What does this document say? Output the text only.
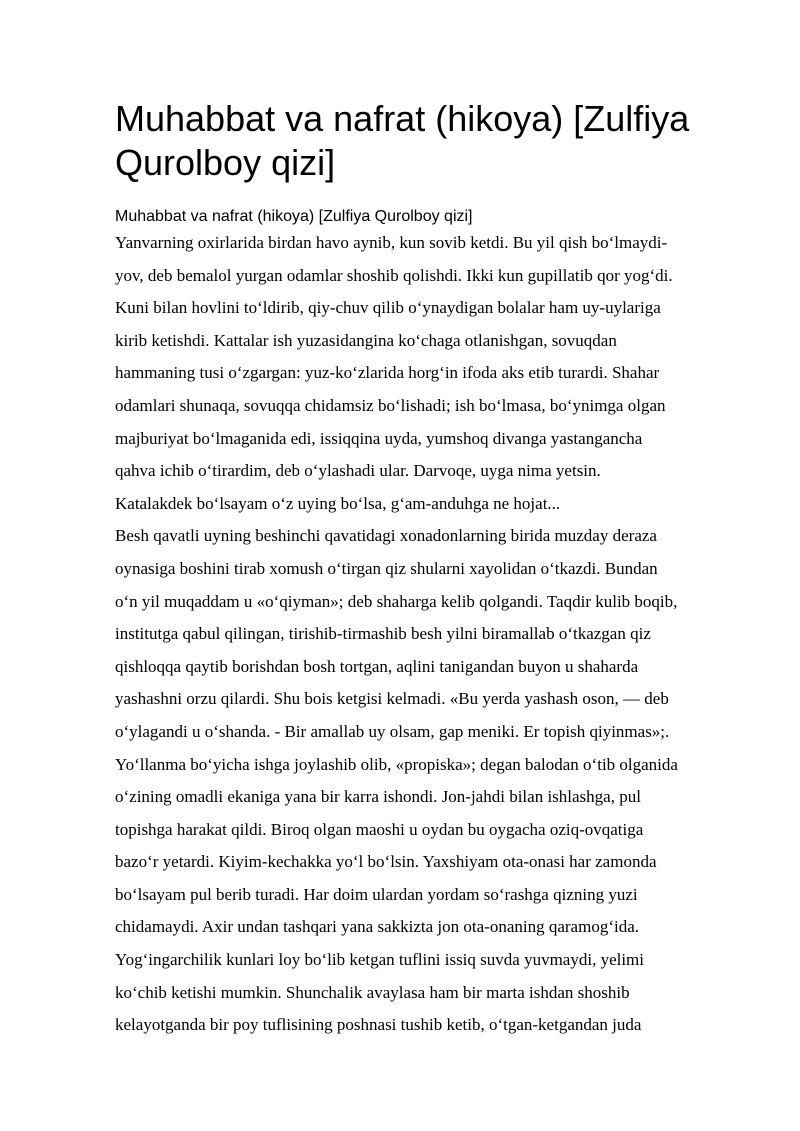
Muhabbat va nafrat (hikoya) [Zulfiya Qurolboy qizi]
Muhabbat va nafrat (hikoya) [Zulfiya Qurolboy qizi]
Yanvarning oxirlarida birdan havo aynib, kun sovib ketdi. Bu yil qish bo‘lmaydi-
yov, deb bemalol yurgan odamlar shoshib qolishdi. Ikki kun gupillatib qor yog‘di.
Kuni bilan hovlini to‘ldirib, qiy-chuv qilib o‘ynaydigan bolalar ham uy-uylariga
kirib ketishdi. Kattalar ish yuzasidangina ko‘chaga otlanishgan, sovuqdan
hammaning tusi o‘zgargan: yuz-ko‘zlarida horg‘in ifoda aks etib turardi. Shahar
odamlari shunaqa, sovuqqa chidamsiz bo‘lishadi; ish bo‘lmasa, bo‘ynimga olgan
majburiyat bo‘lmaganida edi, issiqqina uyda, yumshoq divanga yastangancha
qahva ichib o‘tirardim, deb o‘ylashadi ular. Darvoqe, uyga nima yetsin.
Katalakdek bo‘lsayam o‘z uying bo‘lsa, g‘am-anduhga ne hojat...
Besh qavatli uyning beshinchi qavatidagi xonadonlarning birida muzday deraza
oynasiga boshini tirab xomush o‘tirgan qiz shularni xayolidan o‘tkazdi. Bundan
o‘n yil muqaddam u «o‘qiyman»; deb shaharga kelib qolgandi. Taqdir kulib boqib,
institutga qabul qilingan, tirishib-tirmashib besh yilni biramallab o‘tkazgan qiz
qishloqqa qaytib borishdan bosh tortgan, aqlini tanigandan buyon u shaharda
yashashni orzu qilardi. Shu bois ketgisi kelmadi. «Bu yerda yashash oson, — deb
o‘ylagandi u o‘shanda. - Bir amallab uy olsam, gap meniki. Er topish qiyinmas»;.
Yo‘llanma bo‘yicha ishga joylashib olib, «propiska»; degan balodan o‘tib olganida
o‘zining omadli ekaniga yana bir karra ishondi. Jon-jahdi bilan ishlashga, pul
topishga harakat qildi. Biroq olgan maoshi u oydan bu oygacha oziq-ovqatiga
bazo‘r yetardi. Kiyim-kechakka yo‘l bo‘lsin. Yaxshiyam ota-onasi har zamonda
bo‘lsayam pul berib turadi. Har doim ulardan yordam so‘rashga qizning yuzi
chidamaydi. Axir undan tashqari yana sakkizta jon ota-onaning qaramog‘ida.
Yog‘ingarchilik kunlari loy bo‘lib ketgan tuflini issiq suvda yuvmaydi, yelimi
ko‘chib ketishi mumkin. Shunchalik avaylasa ham bir marta ishdan shoshib
kelayotganda bir poy tuflisining poshnasi tushib ketib, o‘tgan-ketgandan juda
